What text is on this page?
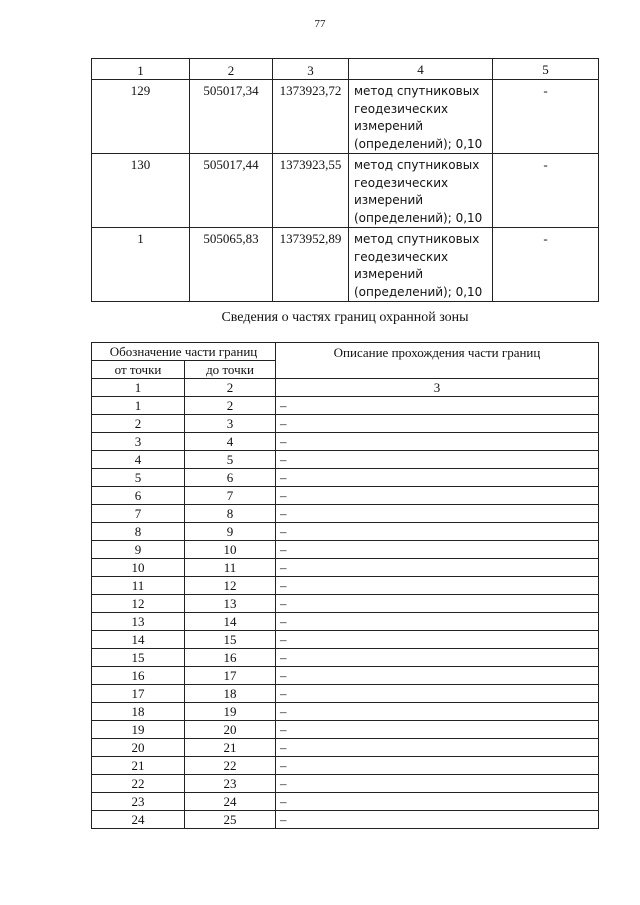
77
1	2	3	4	5
129	505017,34	1373923,72	метод спутниковых
геодезических
измерений
(определений); 0,10	-
130	505017,44	1373923,55	метод спутниковых
геодезических
измерений
(определений); 0,10	-
1	505065,83	1373952,89	метод спутниковых
геодезических
измерений
(определений); 0,10	-
Сведения о частях границ охранной зоны
Обозначение части границ		Описание прохождения части границ
от точки	до точки	
1	2	3
1	2	–
2	3	–
3	4	–
4	5	–
5	6	–
6	7	–
7	8	–
8	9	–
9	10	–
10	11	–
11	12	–
12	13	–
13	14	–
14	15	–
15	16	–
16	17	–
17	18	–
18	19	–
19	20	–
20	21	–
21	22	–
22	23	–
23	24	–
24	25	–
